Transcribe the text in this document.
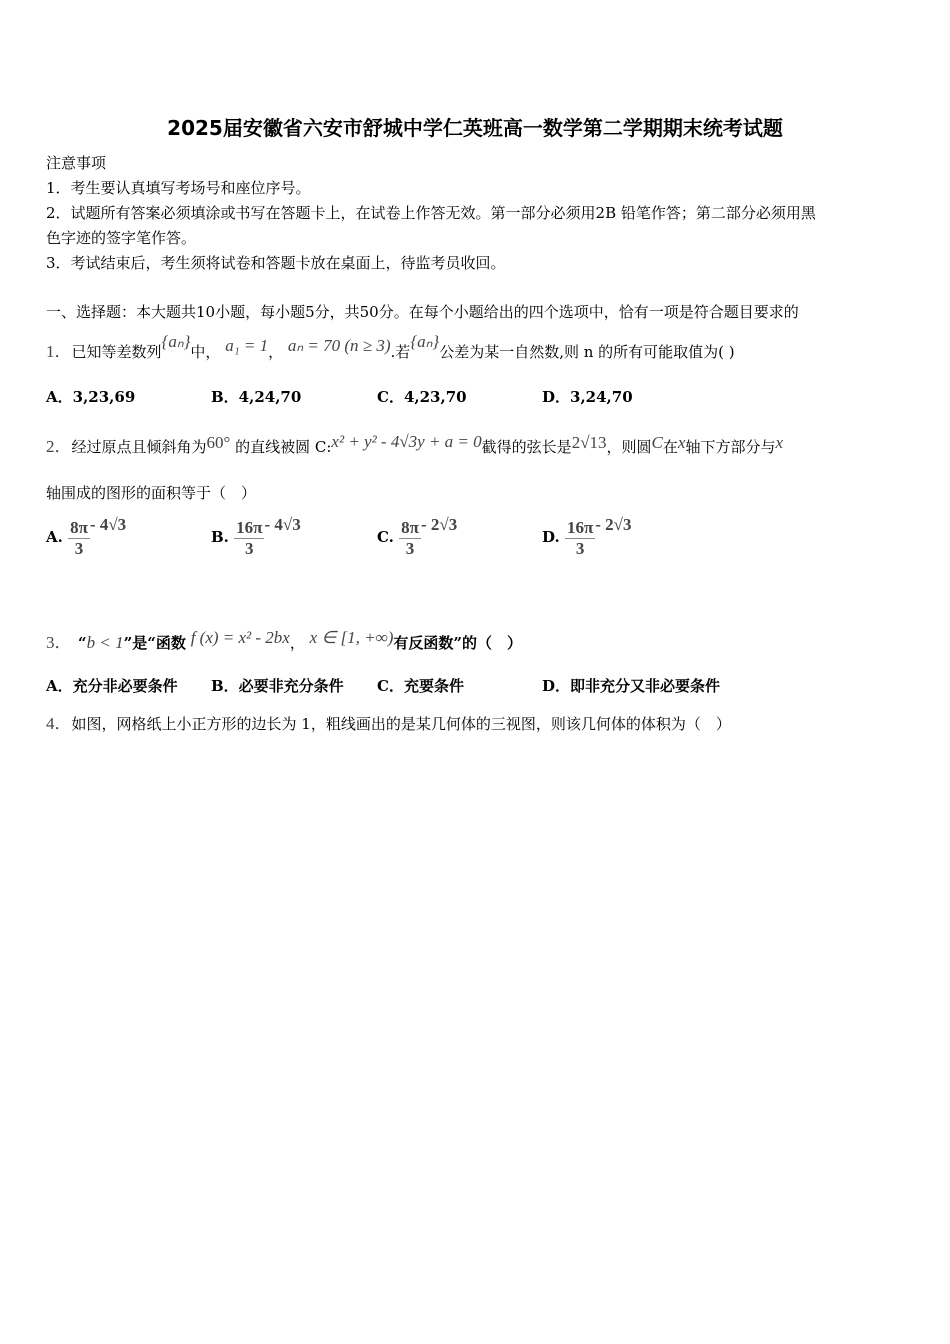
2025届安徽省六安市舒城中学仁英班高一数学第二学期期末统考试题
注意事项
1．考生要认真填写考场号和座位序号。
2．试题所有答案必须填涂或书写在答题卡上，在试卷上作答无效。第一部分必须用2B 铅笔作答；第二部分必须用黑
色字迹的签字笔作答。
3．考试结束后，考生须将试卷和答题卡放在桌面上，待监考员收回。
一、选择题：本大题共10小题，每小题5分，共50分。在每个小题给出的四个选项中，恰有一项是符合题目要求的
1．已知等差数列{aₙ}中， a₁ = 1， aₙ = 70 (n ≥ 3).若{aₙ}公差为某一自然数,则 n 的所有可能取值为( )
A．3,23,69	B．4,24,70	C．4,23,70	D．3,24,70
2．经过原点且倾斜角为60° 的直线被圆 C:x² + y² - 4√3y + a = 0截得的弦长是2√13，则圆C在x轴下方部分与x
轴围成的图形的面积等于（　）
A. $\frac{8\pi}{3} - 4√3$
B. $\frac{16\pi}{3} - 4√3$
C. $\frac{8\pi}{3} - 2√3$
D. $\frac{16\pi}{3} - 2√3$
3．　 “b < 1”是“函数 f (x) = x² - 2bx， x ∈ [1, +∞)有反函数”的（　）
A．充分非必要条件 B．必要非充分条件 C．充要条件	D．即非充分又非必要条件
4．如图，网格纸上小正方形的边长为 1，粗线画出的是某几何体的三视图，则该几何体的体积为（　）
